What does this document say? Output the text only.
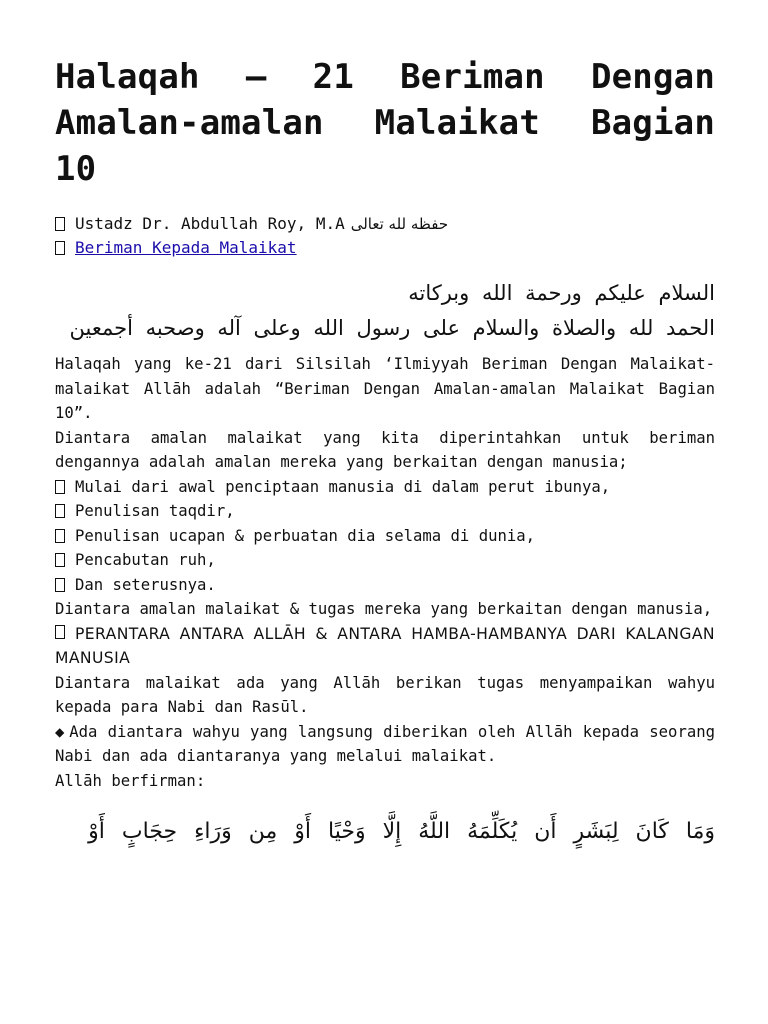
Halaqah – 21 Beriman Dengan Amalan-amalan Malaikat Bagian 10
Ustadz Dr. Abdullah Roy, M.A حفظه لله تعالى
Beriman Kepada Malaikat
السلام عليكم ورحمة الله وبركاته
الحمد لله والصلاة والسلام على رسول الله وعلى آله وصحبه أجمعين

Halaqah yang ke-21 dari Silsilah ‘Ilmiyyah Beriman Dengan Malaikat-malaikat Allāh adalah “Beriman Dengan Amalan-amalan Malaikat Bagian 10”.

Diantara amalan malaikat yang kita diperintahkan untuk beriman dengannya adalah amalan mereka yang berkaitan dengan manusia;

Mulai dari awal penciptaan manusia di dalam perut ibunya,
Penulisan taqdir,
Penulisan ucapan & perbuatan dia selama di dunia,
Pencabutan ruh,
Dan seterusnya.

Diantara amalan malaikat & tugas mereka yang berkaitan dengan manusia,

PERANTARA ANTARA ALLĀH & ANTARA HAMBA-HAMBANYA DARI KALANGAN MANUSIA

Diantara malaikat ada yang Allāh berikan tugas menyampaikan wahyu kepada para Nabi dan Rasūl.

◆ Ada diantara wahyu yang langsung diberikan oleh Allāh kepada seorang Nabi dan ada diantaranya yang melalui malaikat.

Allāh berfirman:

وَمَا كَانَ لِبَشَرٍ أَن يُكَلِّمَهُ اللَّهُ إِلَّا وَحْيًا أَوْ مِن وَرَاءِ حِجَابٍ أَوْ
